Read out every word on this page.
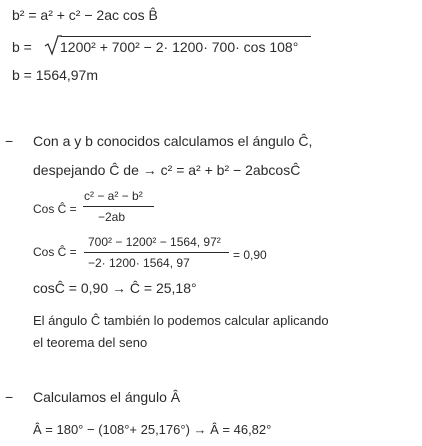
b² = a² + c² − 2ac cos B̂
b = 1200² + 700² − 2· 1200· 700· cos 108°
b = 1564,97m
− Con a y b conocidos calculamos el ángulo Ĉ,
despejando Ĉ de → c² = a² + b² − 2abcosĈ
Cos Ĉ =
c² − a² − b²
−2ab
Cos Ĉ =
700² − 1200² − 1564, 97²
−2· 1200· 1564, 97
= 0,90
cosĈ = 0,90 → Ĉ = 25,18°
El ángulo Ĉ también lo podemos calcular aplicando
el teorema del seno
− Calculamos el ángulo Â
Â = 180° − (108°+ 25,176°) → Â = 46,82°
